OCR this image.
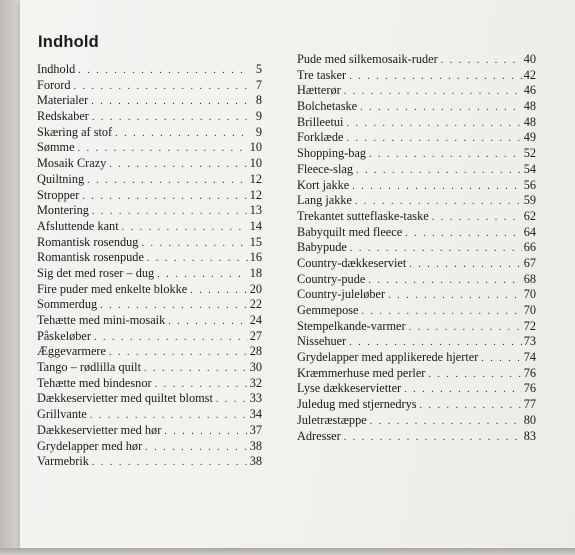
Indhold
Indhold . . .	5
Forord . . .	7
Materialer . . .	8
Redskaber . . .	9
Skæring af stof . . .	9
Sømme . . .	10
Mosaik Crazy . . .	10
Quiltning . . .	12
Stropper . . .	12
Montering . . .	13
Afsluttende kant . . .	14
Romantisk rosendug . . .	15
Romantisk rosenpude . . .	16
Sig det med roser – dug . . .	18
Fire puder med enkelte blokke . . .	20
Sommerdug . . .	22
Tehætte med mini-mosaik . . .	24
Påskeløber . . .	27
Æggevarmere . . .	28
Tango – rødlilla quilt . . .	30
Tehætte med bindesnor . . .	32
Dækkeservietter med quiltet blomst . . .	33
Grillvante . . .	34
Dækkeservietter med hør . . .	37
Grydelapper med hør . . .	38
Varmebrik . . .	38
Pude med silkemosaik-ruder . . .	40
Tre tasker . . .	42
Hætterør . . .	46
Bolchetaske . . .	48
Brilleetui . . .	48
Forklæde . . .	49
Shopping-bag . . .	52
Fleece-slag . . .	54
Kort jakke . . .	56
Lang jakke . . .	59
Trekantet sutteflaske-taske . . .	62
Babyquilt med fleece . . .	64
Babypude . . .	66
Country-dækkeserviet . . .	67
Country-pude . . .	68
Country-juleløber . . .	70
Gemmepose . . .	70
Stempelkande-varmer . . .	72
Nissehuer . . .	73
Grydelapper med applikerede hjerter . . .	74
Kræmmerhuse med perler . . .	76
Lyse dækkeservietter . . .	76
Juledug med stjernedrys . . .	77
Juletræstæppe . . .	80
Adresser . . .	83
